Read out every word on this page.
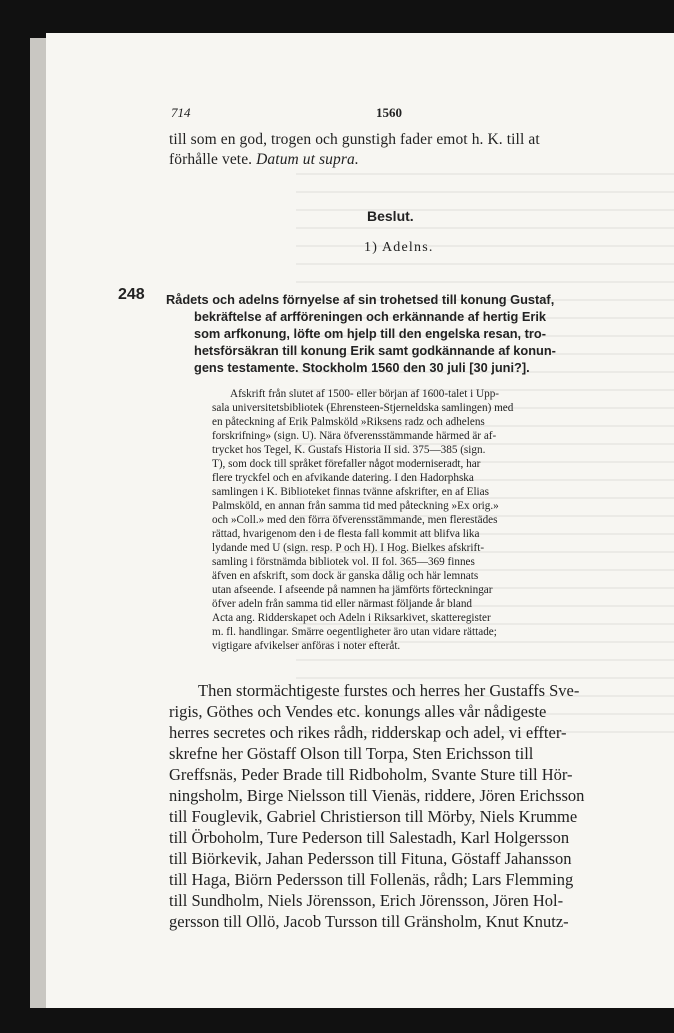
714	1560
till som en god, trogen och gunstigh fader emot h. K. till at
förhålle vete. Datum ut supra.
Beslut.
1) Adelns.
248 Rådets och adelns förnyelse af sin trohetsed till konung Gustaf,
bekräftelse af arfföreningen och erkännande af hertig Erik
som arfkonung, löfte om hjelp till den engelska resan, tro-
hetsförsäkran till konung Erik samt godkännande af konun-
gens testamente. Stockholm 1560 den 30 juli [30 juni?].
Afskrift från slutet af 1500- eller början af 1600-talet i Upp-
sala universitetsbibliotek (Ehrensteen-Stjerneldska samlingen) med
en påteckning af Erik Palmsköld »Riksens radz och adhelens
forskrifning» (sign. U). Nära öfverensstämmande härmed är af-
trycket hos Tegel, K. Gustafs Historia II sid. 375—385 (sign.
T), som dock till språket förefaller något moderniseradt, har
flere tryckfel och en afvikande datering. I den Hadorphska
samlingen i K. Biblioteket finnas tvänne afskrifter, en af Elias
Palmsköld, en annan från samma tid med påteckning »Ex orig.»
och »Coll.» med den förra öfverensstämmande, men flerestädes
rättad, hvarigenom den i de flesta fall kommit att blifva lika
lydande med U (sign. resp. P och H). I Hog. Bielkes afskrift-
samling i förstnämda bibliotek vol. II fol. 365—369 finnes
äfven en afskrift, som dock är ganska dålig och här lemnats
utan afseende. I afseende på namnen ha jämförts förteckningar
öfver adeln från samma tid eller närmast följande år bland
Acta ang. Ridderskapet och Adeln i Riksarkivet, skatteregister
m. fl. handlingar. Smärre oegentligheter äro utan vidare rättade;
vigtigare afvikelser anföras i noter efteråt.
Then stormächtigeste furstes och herres her Gustaffs Sve-
rigis, Göthes och Vendes etc. konungs alles vår nådigeste
herres secretes och rikes rådh, ridderskap och adel, vi effter-
skrefne her Göstaff Olson till Torpa, Sten Erichsson till
Greffsnäs, Peder Brade till Ridboholm, Svante Sture till Hör-
ningsholm, Birge Nielsson till Vienäs, riddere, Jören Erichsson
till Fouglevik, Gabriel Christierson till Mörby, Niels Krumme
till Örboholm, Ture Pederson till Salestadh, Karl Holgersson
till Biörkevik, Jahan Pedersson till Fituna, Göstaff Jahansson
till Haga, Biörn Pedersson till Follenäs, rådh; Lars Flemming
till Sundholm, Niels Jörensson, Erich Jörensson, Jören Hol-
gersson till Ollö, Jacob Tursson till Gränsholm, Knut Knutz-
